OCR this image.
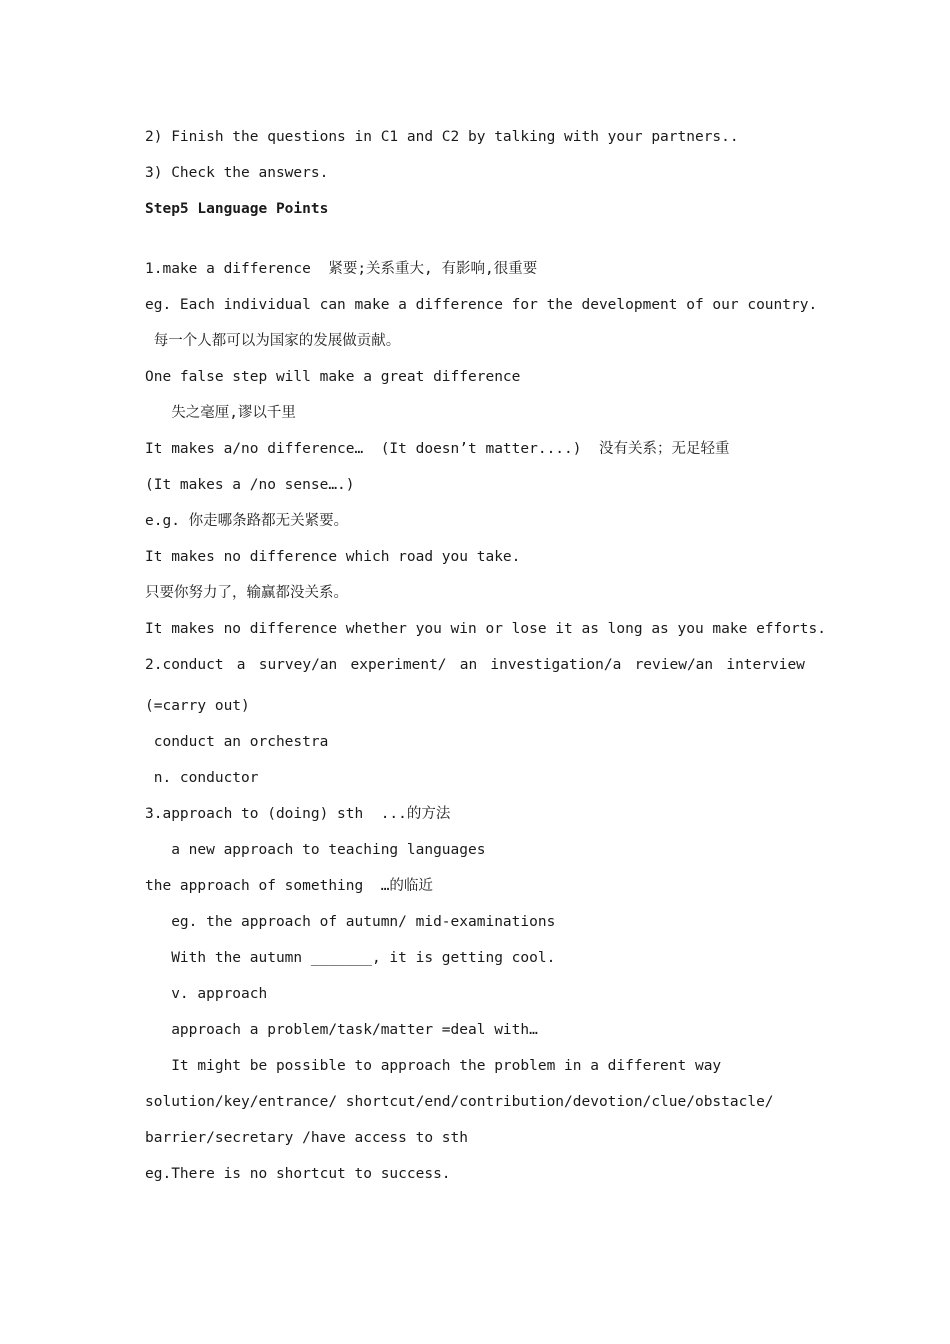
2) Finish the questions in C1 and C2 by talking with your partners..
3) Check the answers.
Step5 Language Points
1.make a difference  紧要;关系重大, 有影响,很重要
eg. Each individual can make a difference for the development of our country.
每一个人都可以为国家的发展做贡献。
One false step will make a great difference
失之毫厘,谬以千里
It makes a/no difference…  (It doesn’t matter....)  没有关系；无足轻重
(It makes a /no sense….)
e.g. 你走哪条路都无关紧要。
It makes no difference which road you take.
只要你努力了，输赢都没关系。
It makes no difference whether you win or lose it as long as you make efforts.
2.conduct a survey/an experiment/ an investigation/a review/an interview
(=carry out)
conduct an orchestra
n. conductor
3.approach to (doing) sth  ...的方法
a new approach to teaching languages
the approach of something  …的临近
eg. the approach of autumn/ mid-examinations
With the autumn _______, it is getting cool.
v. approach
approach a problem/task/matter =deal with…
It might be possible to approach the problem in a different way
solution/key/entrance/ shortcut/end/contribution/devotion/clue/obstacle/
barrier/secretary /have access to sth
eg.There is no shortcut to success.
